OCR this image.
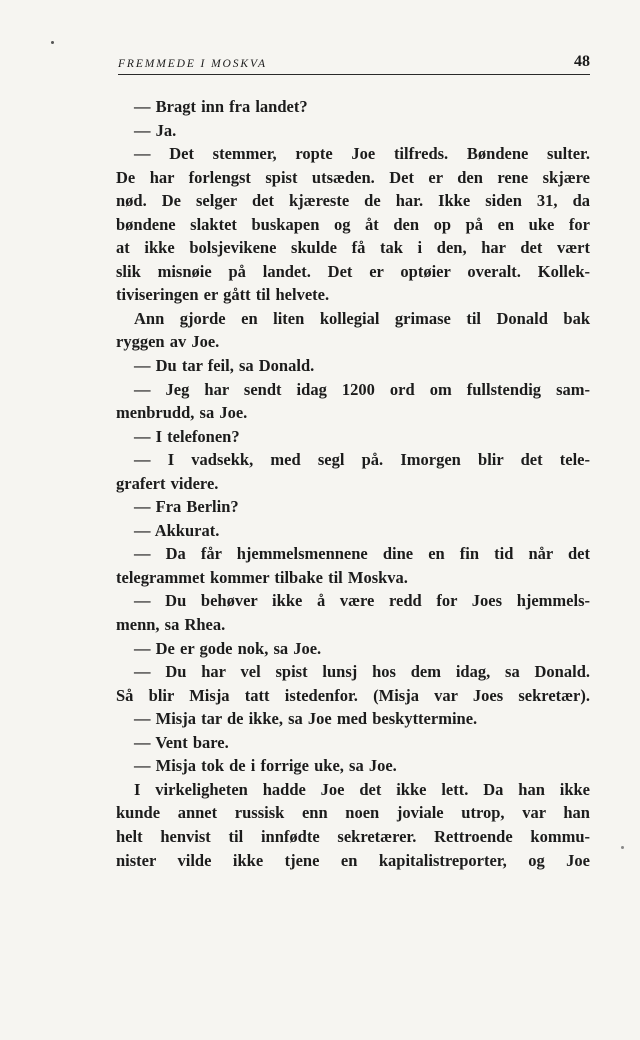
FREMMEDE I MOSKVA	48
— Bragt inn fra landet?
— Ja.
— Det stemmer, ropte Joe tilfreds. Bøndene sulter.
De har forlengst spist utsæden. Det er den rene skjære
nød. De selger det kjæreste de har. Ikke siden 31, da
bøndene slaktet buskapen og åt den op på en uke for
at ikke bolsjevikene skulde få tak i den, har det vært
slik misnøie på landet. Det er optøier overalt. Kollek-
tiviseringen er gått til helvete.
Ann gjorde en liten kollegial grimase til Donald bak
ryggen av Joe.
— Du tar feil, sa Donald.
— Jeg har sendt idag 1200 ord om fullstendig sam-
menbrudd, sa Joe.
— I telefonen?
— I vadsekk, med segl på. Imorgen blir det tele-
grafert videre.
— Fra Berlin?
— Akkurat.
— Da får hjemmelsmennene dine en fin tid når det
telegrammet kommer tilbake til Moskva.
— Du behøver ikke å være redd for Joes hjemmels-
menn, sa Rhea.
— De er gode nok, sa Joe.
— Du har vel spist lunsj hos dem idag, sa Donald.
Så blir Misja tatt istedenfor. (Misja var Joes sekretær).
— Misja tar de ikke, sa Joe med beskyttermine.
— Vent bare.
— Misja tok de i forrige uke, sa Joe.
I virkeligheten hadde Joe det ikke lett. Da han ikke
kunde annet russisk enn noen joviale utrop, var han
helt henvist til innfødte sekretærer. Rettroende kommu-
nister vilde ikke tjene en kapitalistreporter, og Joe
